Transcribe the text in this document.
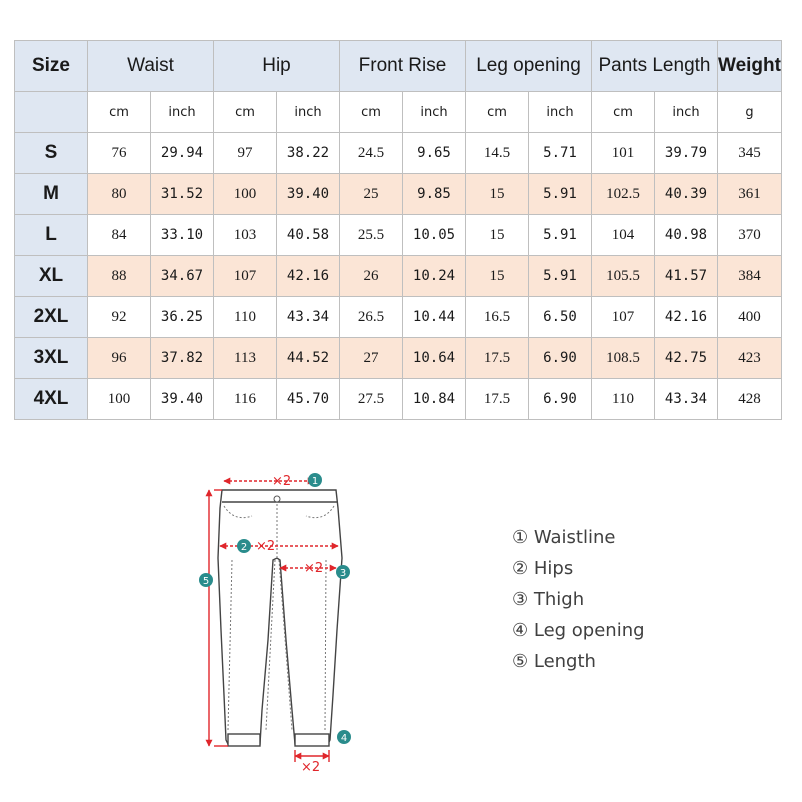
Size	Waist		Hip		Front Rise		Leg opening		Pants Length		Weight
	cm	inch	cm	inch	cm	inch	cm	inch	cm	inch	g
S	76	29.94	97	38.22	24.5	9.65	14.5	5.71	101	39.79	345
M	80	31.52	100	39.40	25	9.85	15	5.91	102.5	40.39	361
L	84	33.10	103	40.58	25.5	10.05	15	5.91	104	40.98	370
XL	88	34.67	107	42.16	26	10.24	15	5.91	105.5	41.57	384
2XL	92	36.25	110	43.34	26.5	10.44	16.5	6.50	107	42.16	400
3XL	96	37.82	113	44.52	27	10.64	17.5	6.90	108.5	42.75	423
4XL	100	39.40	116	45.70	27.5	10.84	17.5	6.90	110	43.34	428
×2
×2
×2
×2
1
2
3
4
5
① Waistline
② Hips
③ Thigh
④ Leg opening
⑤ Length
